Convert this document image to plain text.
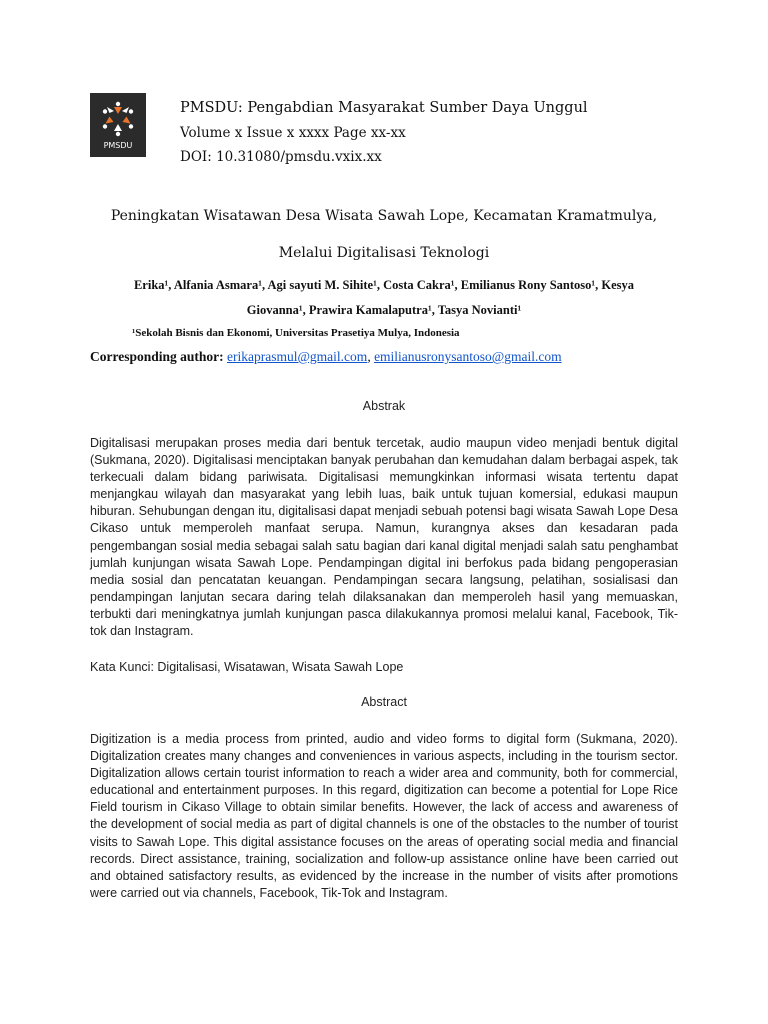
PMSDU
PMSDU: Pengabdian Masyarakat Sumber Daya Unggul
Volume x Issue x xxxx Page xx-xx
DOI: 10.31080/pmsdu.vxix.xx
Peningkatan Wisatawan Desa Wisata Sawah Lope, Kecamatan Kramatmulya,
Melalui Digitalisasi Teknologi
Erika¹, Alfania Asmara¹, Agi sayuti M. Sihite¹, Costa Cakra¹, Emilianus Rony Santoso¹, Kesya
Giovanna¹, Prawira Kamalaputra¹, Tasya Novianti¹
¹Sekolah Bisnis dan Ekonomi, Universitas Prasetiya Mulya, Indonesia
Corresponding author: erikaprasmul@gmail.com, emilianusronysantoso@gmail.com
Abstrak

Digitalisasi merupakan proses media dari bentuk tercetak, audio maupun video menjadi bentuk digital (Sukmana, 2020). Digitalisasi menciptakan banyak perubahan dan kemudahan dalam berbagai aspek, tak terkecuali dalam bidang pariwisata. Digitalisasi memungkinkan informasi wisata tertentu dapat menjangkau wilayah dan masyarakat yang lebih luas, baik untuk tujuan komersial, edukasi maupun hiburan. Sehubungan dengan itu, digitalisasi dapat menjadi sebuah potensi bagi wisata Sawah Lope Desa Cikaso untuk memperoleh manfaat serupa. Namun, kurangnya akses dan kesadaran pada pengembangan sosial media sebagai salah satu bagian dari kanal digital menjadi salah satu penghambat jumlah kunjungan wisata Sawah Lope. Pendampingan digital ini berfokus pada bidang pengoperasian media sosial dan pencatatan keuangan. Pendampingan secara langsung, pelatihan, sosialisasi dan pendampingan lanjutan secara daring telah dilaksanakan dan memperoleh hasil yang memuaskan, terbukti dari meningkatnya jumlah kunjungan pasca dilakukannya promosi melalui kanal, Facebook, Tik-tok dan Instagram.

Kata Kunci: Digitalisasi, Wisatawan, Wisata Sawah Lope
Abstract

Digitization is a media process from printed, audio and video forms to digital form (Sukmana, 2020). Digitalization creates many changes and conveniences in various aspects, including in the tourism sector. Digitalization allows certain tourist information to reach a wider area and community, both for commercial, educational and entertainment purposes. In this regard, digitization can become a potential for Lope Rice Field tourism in Cikaso Village to obtain similar benefits. However, the lack of access and awareness of the development of social media as part of digital channels is one of the obstacles to the number of tourist visits to Sawah Lope. This digital assistance focuses on the areas of operating social media and financial records. Direct assistance, training, socialization and follow-up assistance online have been carried out and obtained satisfactory results, as evidenced by the increase in the number of visits after promotions were carried out via channels, Facebook, Tik-Tok and Instagram.
